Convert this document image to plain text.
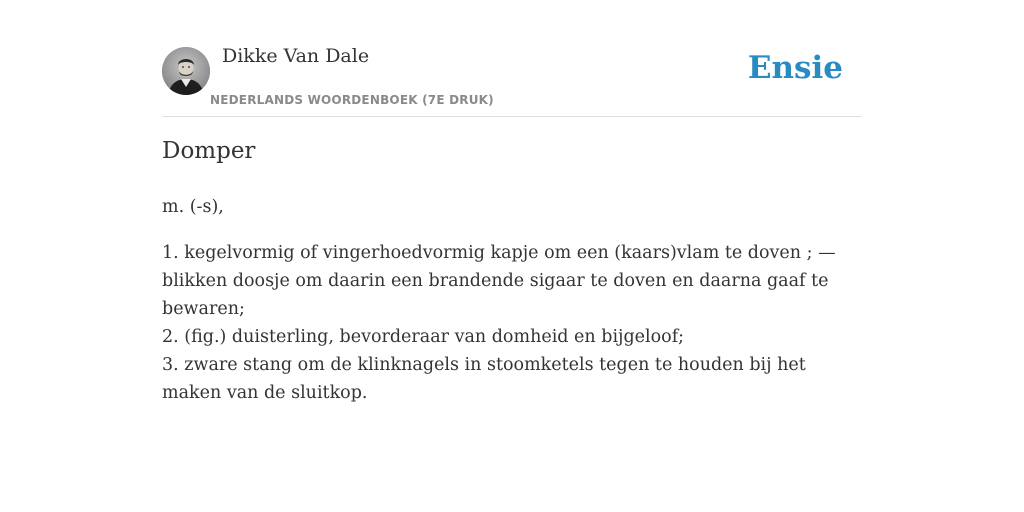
Dikke Van Dale
NEDERLANDS WOORDENBOEK (7E DRUK)
Ensie
Domper

m. (-s),

1. kegelvormig of vingerhoedvormig kapje om een (kaars)vlam te doven ; — blikken doosje om daarin een brandende sigaar te doven en daarna gaaf te bewaren;

2. (fig.) duisterling, bevorderaar van domheid en bijgeloof;

3. zware stang om de klinknagels in stoomketels tegen te houden bij het maken van de sluitkop.
